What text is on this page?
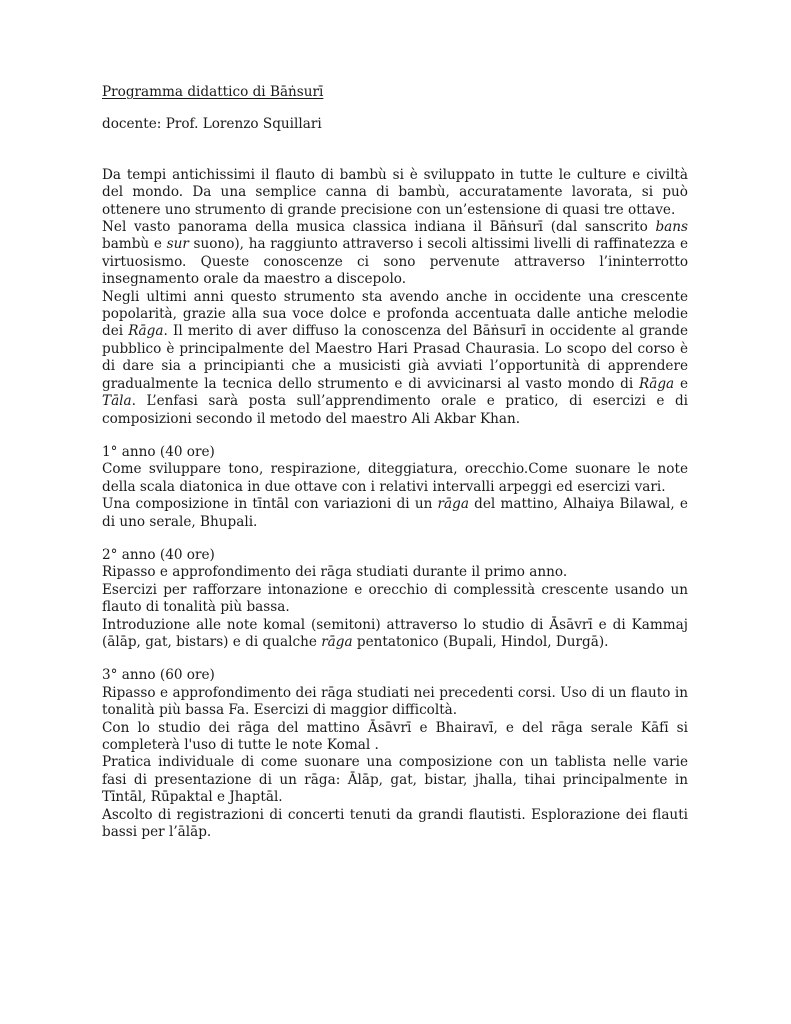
Programma didattico di Bāṅsurī

docente: Prof. Lorenzo Squillari

Da tempi antichissimi il flauto di bambù si è sviluppato in tutte le culture e civiltà del mondo. Da una semplice canna di bambù, accuratamente lavorata, si può ottenere uno strumento di grande precisione con un’estensione di quasi tre ottave.

Nel vasto panorama della musica classica indiana il Bāṅsurī (dal sanscrito bans bambù e sur suono), ha raggiunto attraverso i secoli altissimi livelli di raffinatezza e virtuosismo. Queste conoscenze ci sono pervenute attraverso l’ininterrotto insegnamento orale da maestro a discepolo.

Negli ultimi anni questo strumento sta avendo anche in occidente una crescente popolarità, grazie alla sua voce dolce e profonda accentuata dalle antiche melodie dei Rāga. Il merito di aver diffuso la conoscenza del Bāṅsurī in occidente al grande pubblico è principalmente del Maestro Hari Prasad Chaurasia. Lo scopo del corso è di dare sia a principianti che a musicisti già avviati l’opportunità di apprendere gradualmente la tecnica dello strumento e di avvicinarsi al vasto mondo di Rāga e Tāla. L’enfasi sarà posta sull’apprendimento orale e pratico, di esercizi e di composizioni secondo il metodo del maestro Ali Akbar Khan.

1° anno (40 ore)

Come sviluppare tono, respirazione, diteggiatura, orecchio.Come suonare le note della scala diatonica in due ottave con i relativi intervalli arpeggi ed esercizi vari.

Una composizione in tīntāl con variazioni di un rāga del mattino, Alhaiya Bilawal, e di uno serale, Bhupali.

2° anno (40 ore)

Ripasso e approfondimento dei rāga studiati durante il primo anno.

Esercizi per rafforzare intonazione e orecchio di complessità crescente usando un flauto di tonalità più bassa.

Introduzione alle note komal (semitoni) attraverso lo studio di Āsāvrī e di Kammaj (ālāp, gat, bistars) e di qualche rāga pentatonico (Bupali, Hindol, Durgā).

3° anno (60 ore)

Ripasso e approfondimento dei rāga studiati nei precedenti corsi. Uso di un flauto in tonalità più bassa Fa. Esercizi di maggior difficoltà.

Con lo studio dei rāga del mattino Āsāvrī e Bhairavī, e del rāga serale Kāfī si completerà l'uso di tutte le note Komal .

Pratica individuale di come suonare una composizione con un tablista nelle varie fasi di presentazione di un rāga: Ālāp, gat, bistar, jhalla, tihai principalmente in Tīntāl, Rūpaktal e Jhaptāl.

Ascolto di registrazioni di concerti tenuti da grandi flautisti. Esplorazione dei flauti bassi per l’ālāp.
